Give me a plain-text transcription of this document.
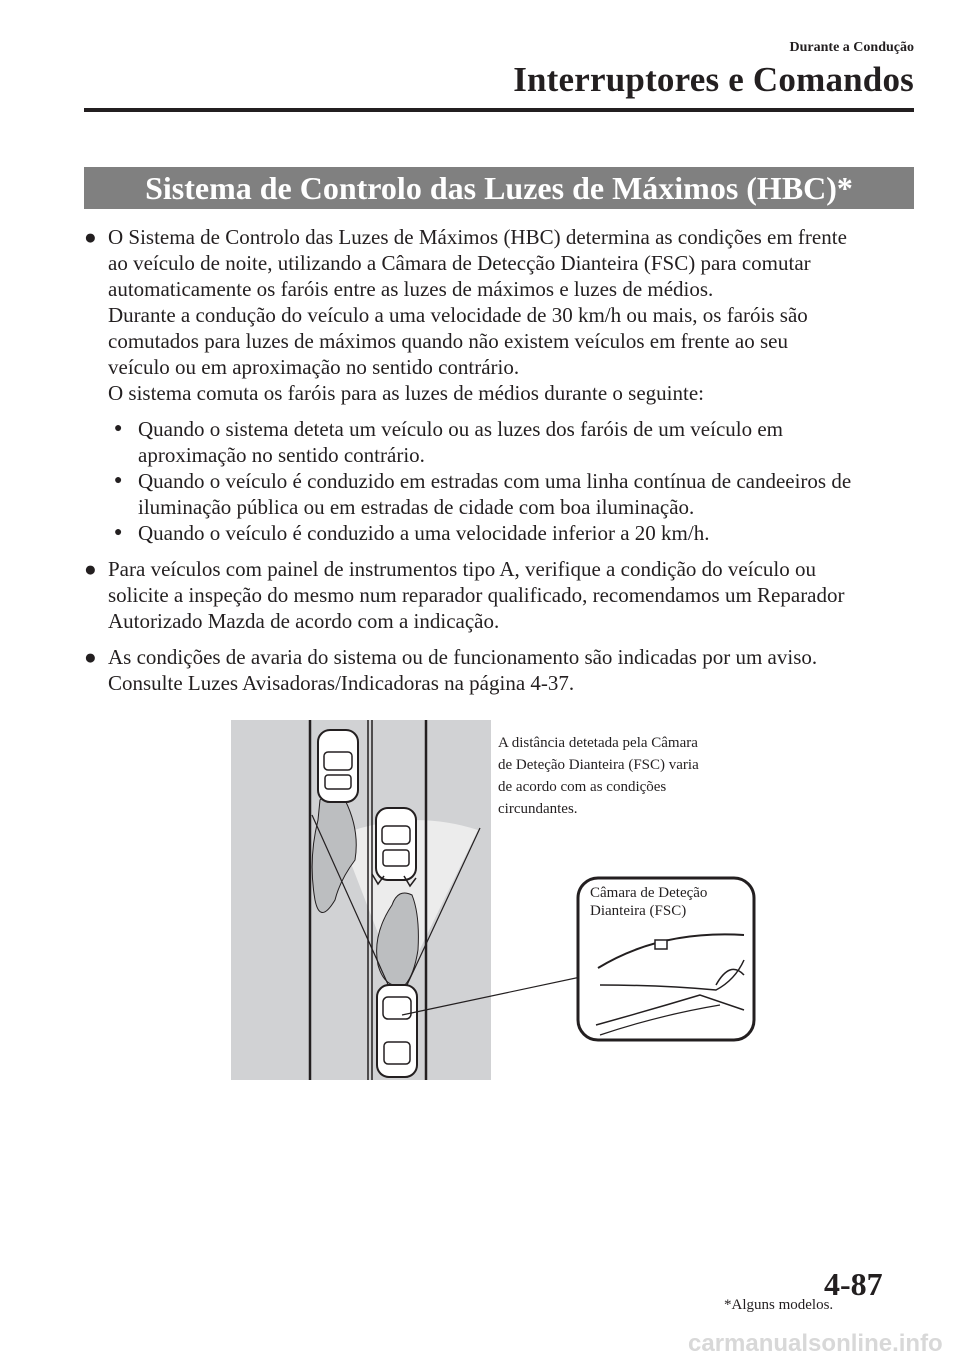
Durante a Condução
Interruptores e Comandos
Sistema de Controlo das Luzes de Máximos (HBC)*
● O Sistema de Controlo das Luzes de Máximos (HBC) determina as condições em frente

ao veículo de noite, utilizando a Câmara de Detecção Dianteira (FSC) para comutar

automaticamente os faróis entre as luzes de máximos e luzes de médios.

Durante a condução do veículo a uma velocidade de 30 km/h ou mais, os faróis são

comutados para luzes de máximos quando não existem veículos em frente ao seu

veículo ou em aproximação no sentido contrário.

O sistema comuta os faróis para as luzes de médios durante o seguinte:

● Quando o sistema deteta um veículo ou as luzes dos faróis de um veículo em

aproximação no sentido contrário.

● Quando o veículo é conduzido em estradas com uma linha contínua de candeeiros de

iluminação pública ou em estradas de cidade com boa iluminação.

● Quando o veículo é conduzido a uma velocidade inferior a 20 km/h.

● Para veículos com painel de instrumentos tipo A, verifique a condição do veículo ou

solicite a inspeção do mesmo num reparador qualificado, recomendamos um Reparador

Autorizado Mazda de acordo com a indicação.

● As condições de avaria do sistema ou de funcionamento são indicadas por um aviso.

Consulte Luzes Avisadoras/Indicadoras na página 4-37.

A distância detetada pela Câmara
de Deteção Dianteira (FSC) varia
de acordo com as condições
circundantes.
Câmara de Deteção
Dianteira (FSC)
*Alguns modelos.
4-87
carmanualsonline.info
